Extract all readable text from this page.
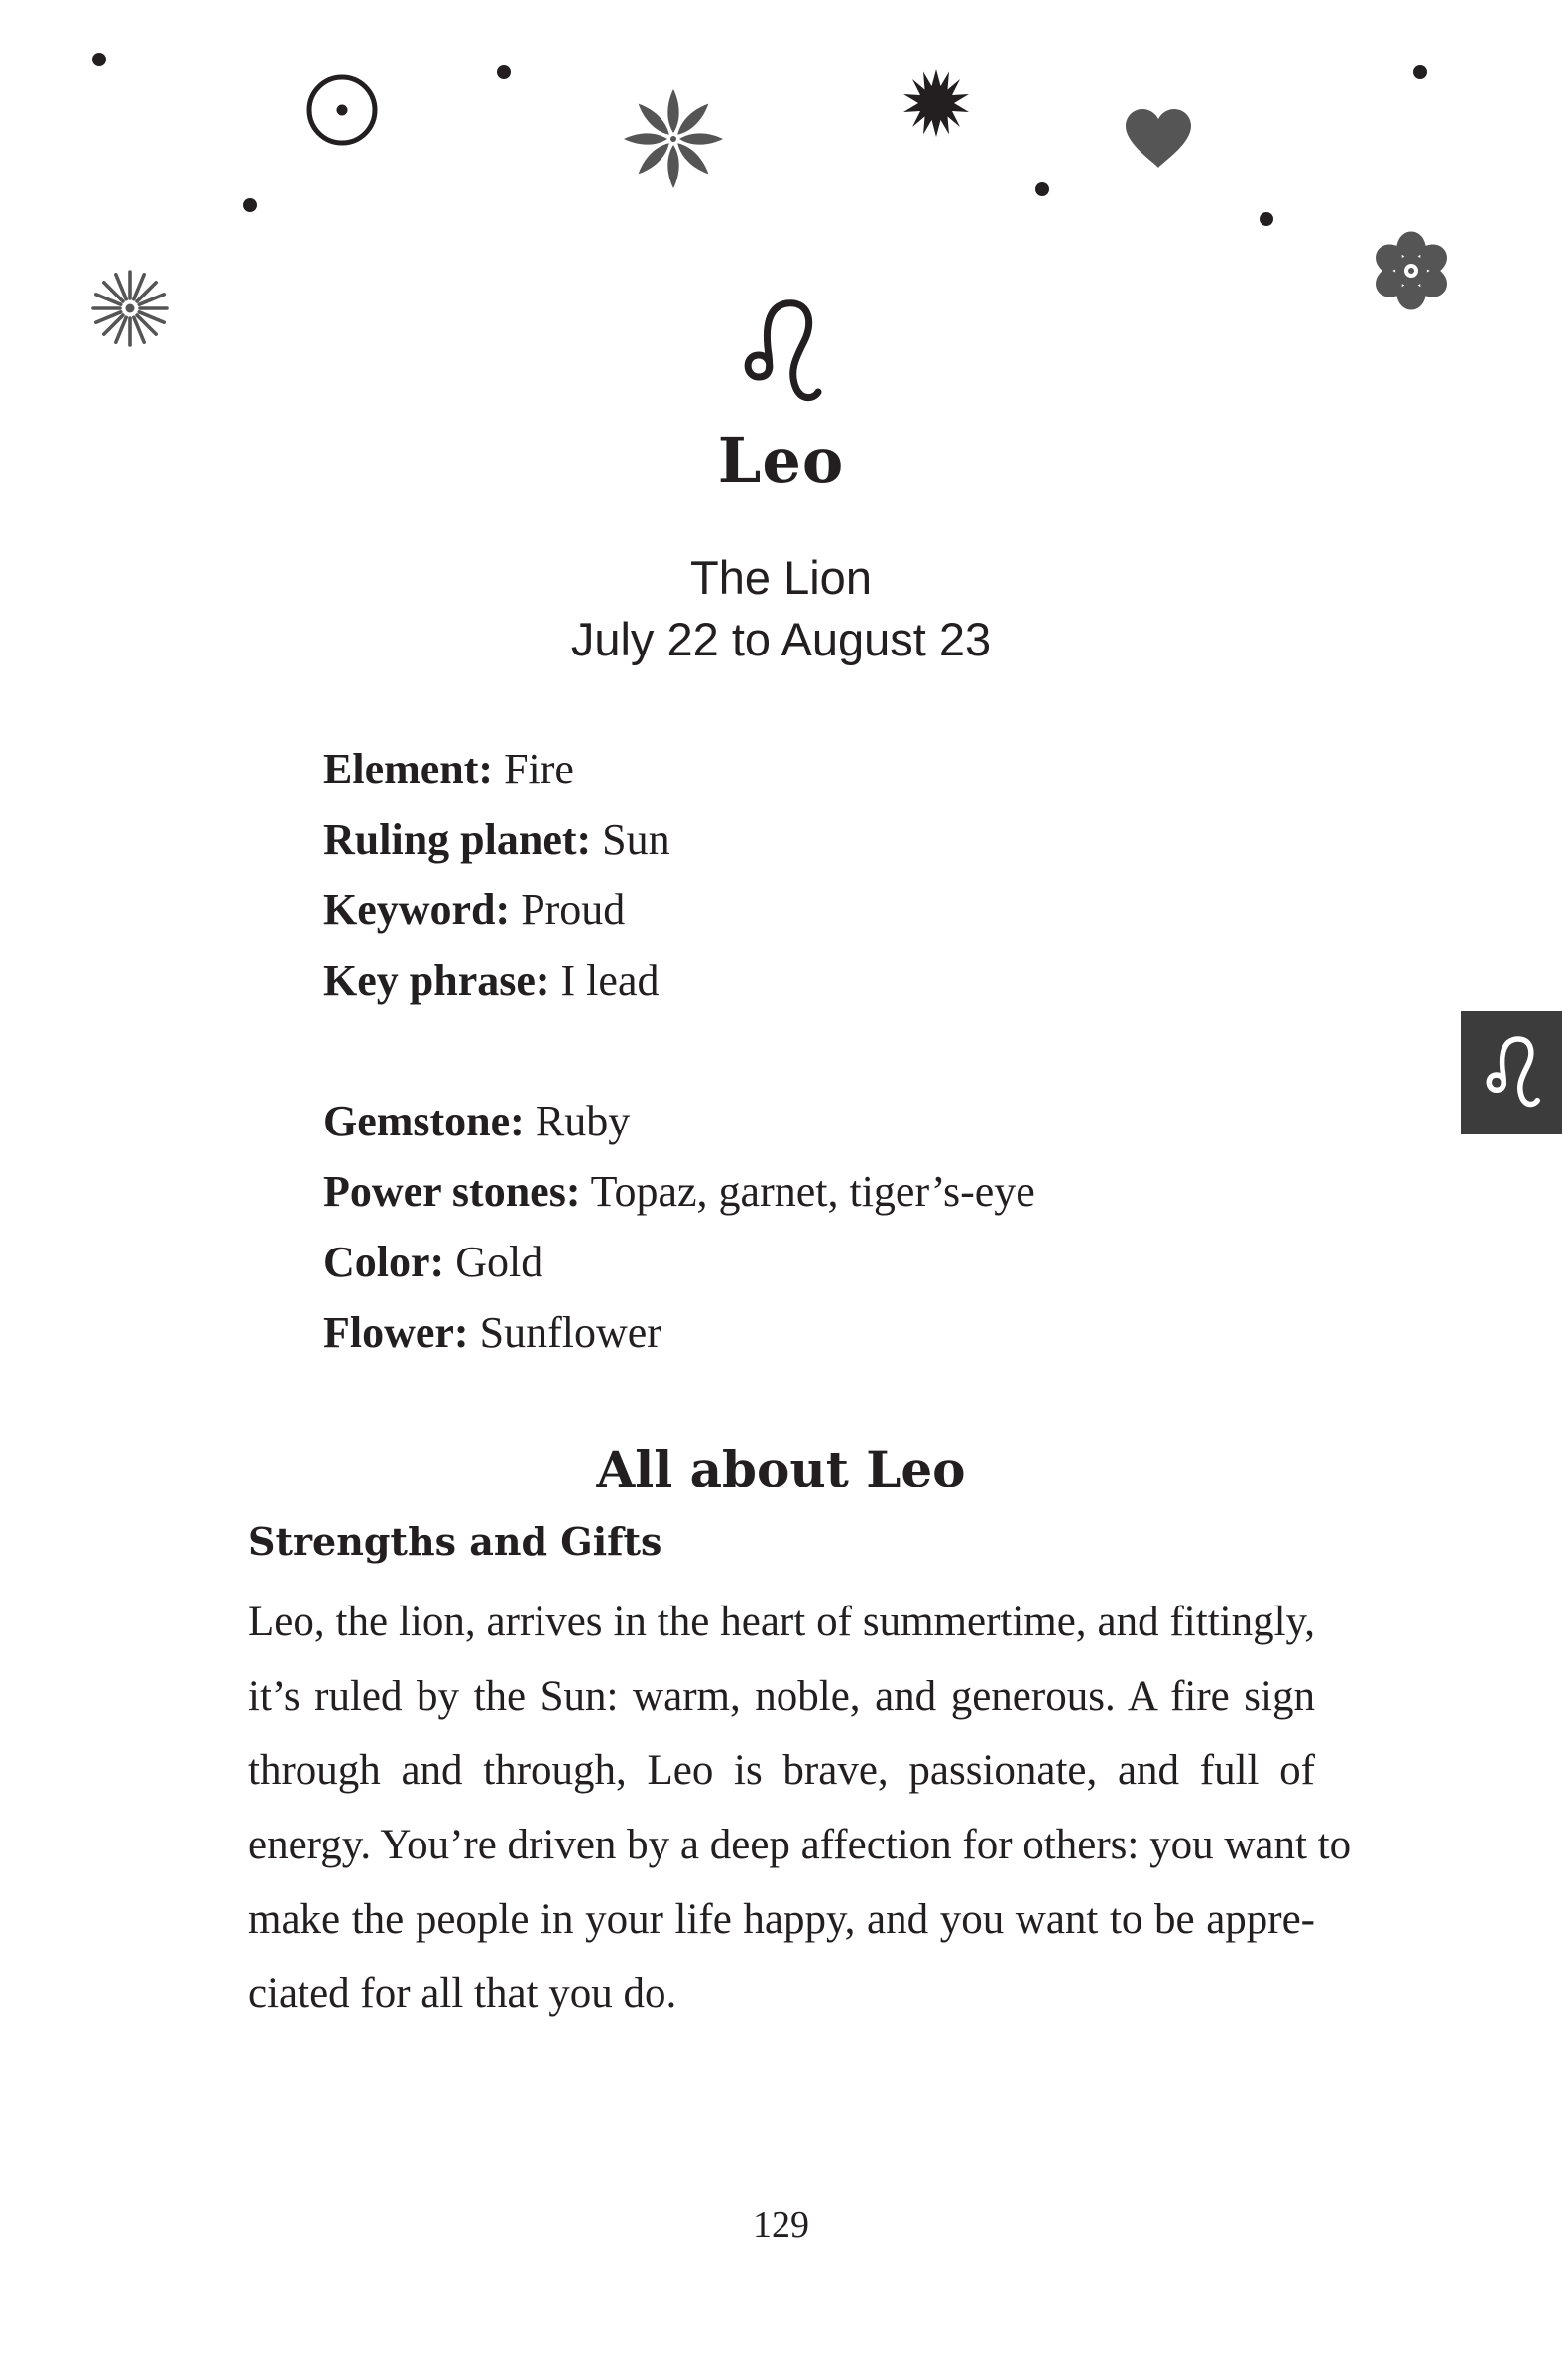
Leo
The Lion
July 22 to August 23
Element: Fire
Ruling planet: Sun
Keyword: Proud
Key phrase: I lead
Gemstone: Ruby
Power stones: Topaz, garnet, tiger’s-eye
Color: Gold
Flower: Sunflower
All about Leo
Strengths and Gifts
Leo, the lion, arrives in the heart of summertime, and fittingly,
it’s ruled by the Sun: warm, noble, and generous. A fire sign
through and through, Leo is brave, passionate, and full of
energy. You’re driven by a deep affection for others: you want to
make the people in your life happy, and you want to be appre-
ciated for all that you do.
129
